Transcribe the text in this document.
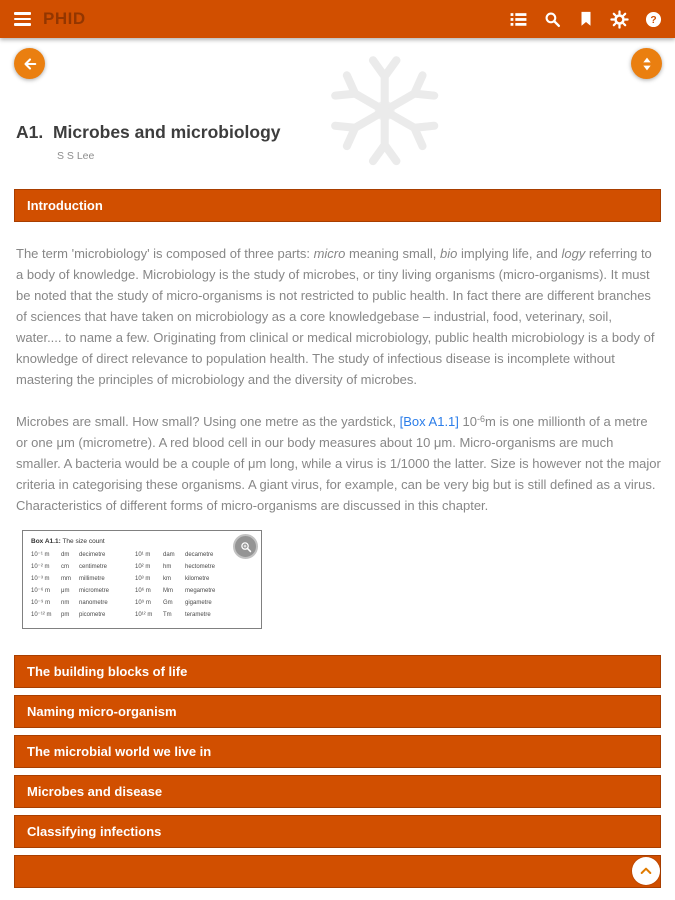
PHID	?
A1.  Microbes and microbiology
S S Lee
Introduction

The term 'microbiology' is composed of three parts: micro meaning small, bio implying life, and logy referring to a body of knowledge. Microbiology is the study of microbes, or tiny living organisms (micro-organisms). It must be noted that the study of micro-organisms is not restricted to public health. In fact there are different branches of sciences that have taken on microbiology as a core knowledgebase – industrial, food, veterinary, soil, water.... to name a few. Originating from clinical or medical microbiology, public health microbiology is a body of knowledge of direct relevance to population health. The study of infectious disease is incomplete without mastering the principles of microbiology and the diversity of microbes.

Microbes are small. How small? Using one metre as the yardstick, [Box A1.1] $10^{-6}m$ is one millionth of a metre or one μm (micrometre). A red blood cell in our body measures about 10 μm. Micro-organisms are much smaller. A bacteria would be a couple of μm long, while a virus is 1/1000 the latter. Size is however not the major criteria in categorising these organisms. A giant virus, for example, can be very big but is still defined as a virus. Characteristics of different forms of micro-organisms are discussed in this chapter.

Box A1.1: The size count
10⁻¹ m	dm	decimetre	10¹ m	dam	decametre
10⁻² m	cm	centimetre	10² m	hm	hectometre
10⁻³ m	mm	millimetre	10³ m	km	kilometre
10⁻⁶ m	μm	micrometre	10⁶ m	Mm	megametre
10⁻⁹ m	nm	nanometre	10⁹ m	Gm	gigametre
10⁻¹² m	pm	picometre	10¹² m	Tm	terametre
The building blocks of life
Naming micro-organism
The microbial world we live in
Microbes and disease
Classifying infections
